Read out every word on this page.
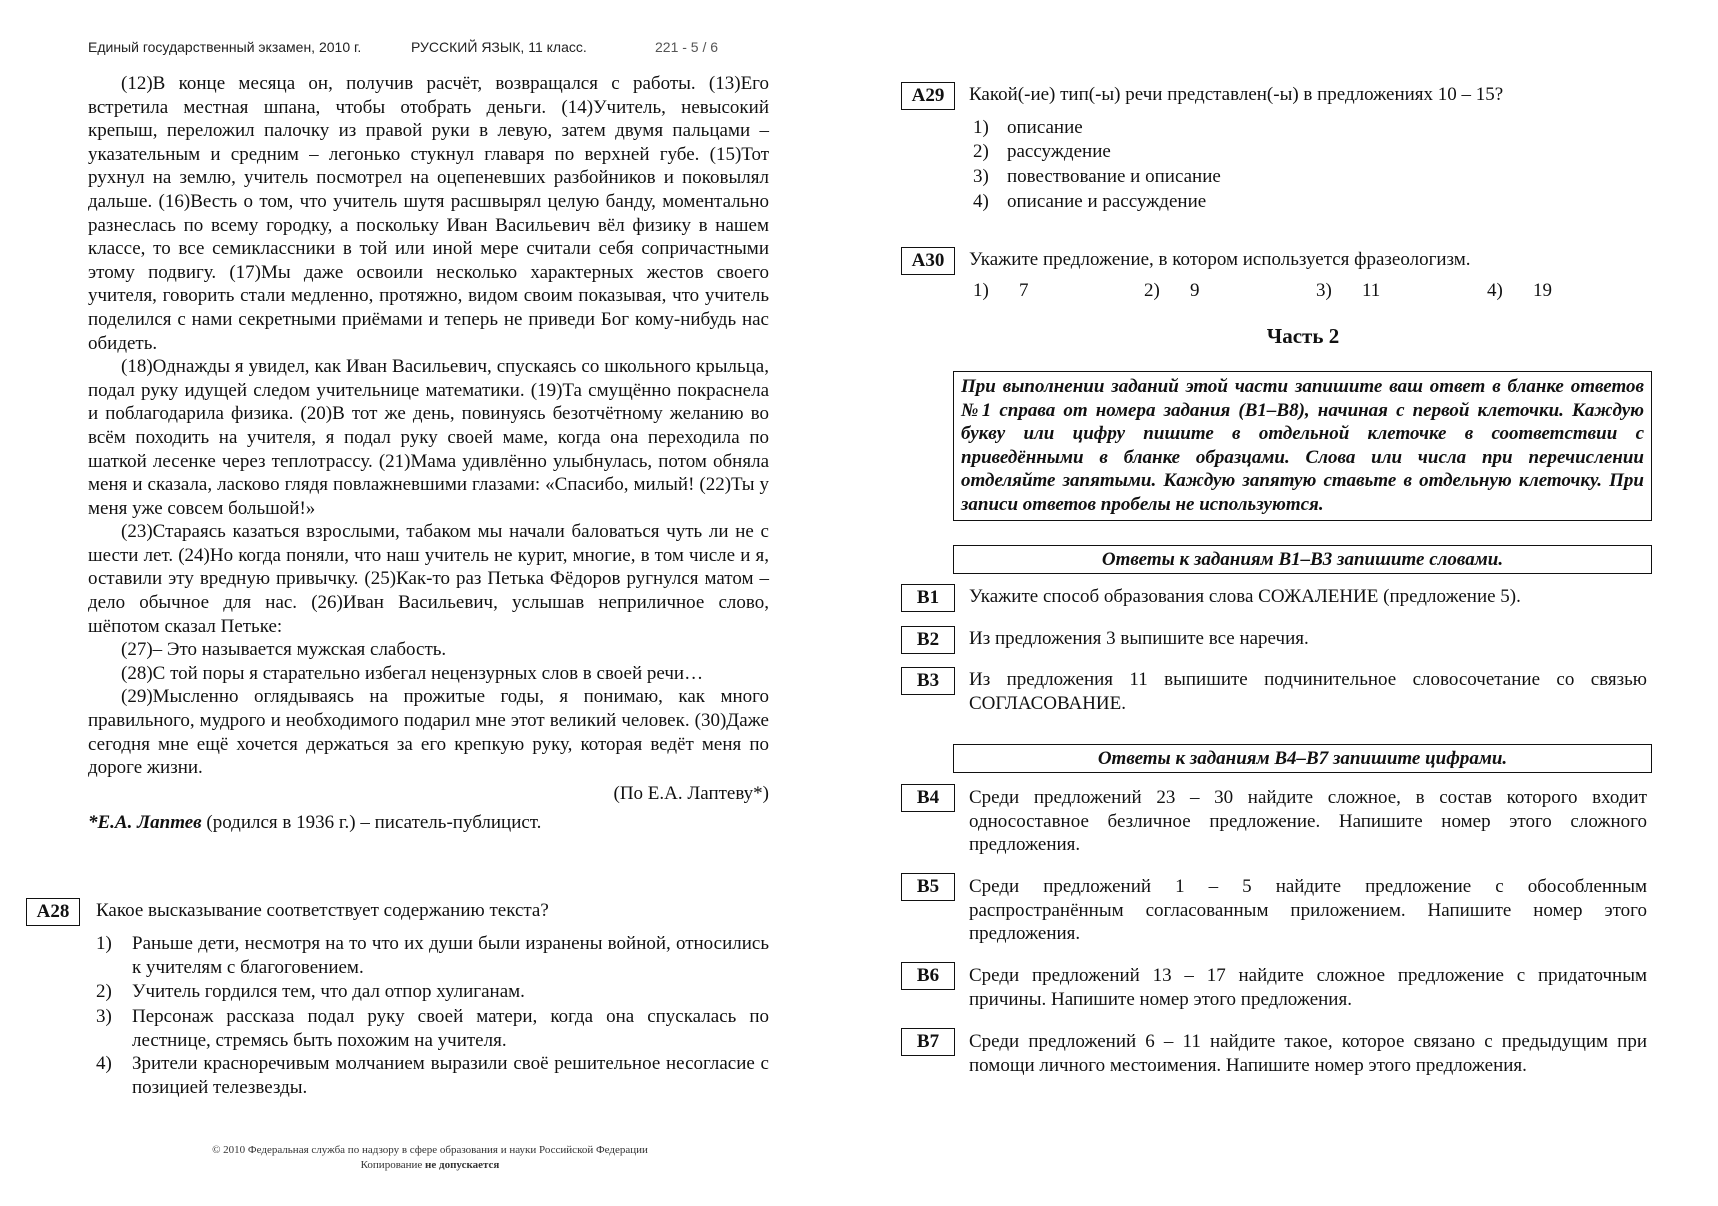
Единый государственный экзамен, 2010 г.	РУССКИЙ ЯЗЫК, 11 класс.	221 - 5 / 6

(12)В конце месяца он, получив расчёт, возвращался с работы. (13)Его встретила местная шпана, чтобы отобрать деньги. (14)Учитель, невысокий крепыш, переложил палочку из правой руки в левую, затем двумя пальцами – указательным и средним – легонько стукнул главаря по верхней губе. (15)Тот рухнул на землю, учитель посмотрел на оцепеневших разбойников и поковылял дальше. (16)Весть о том, что учитель шутя расшвырял целую банду, моментально разнеслась по всему городку, а поскольку Иван Васильевич вёл физику в нашем классе, то все семиклассники в той или иной мере считали себя сопричастными этому подвигу. (17)Мы даже освоили несколько характерных жестов своего учителя, говорить стали медленно, протяжно, видом своим показывая, что учитель поделился с нами секретными приёмами и теперь не приведи Бог кому-нибудь нас обидеть.

(18)Однажды я увидел, как Иван Васильевич, спускаясь со школьного крыльца, подал руку идущей следом учительнице математики. (19)Та смущённо покраснела и поблагодарила физика. (20)В тот же день, повинуясь безотчётному желанию во всём походить на учителя, я подал руку своей маме, когда она переходила по шаткой лесенке через теплотрассу. (21)Мама удивлённо улыбнулась, потом обняла меня и сказала, ласково глядя повлажневшими глазами: «Спасибо, милый! (22)Ты у меня уже совсем большой!»

(23)Стараясь казаться взрослыми, табаком мы начали баловаться чуть ли не с шести лет. (24)Но когда поняли, что наш учитель не курит, многие, в том числе и я, оставили эту вредную привычку. (25)Как-то раз Петька Фёдоров ругнулся матом – дело обычное для нас. (26)Иван Васильевич, услышав неприличное слово, шёпотом сказал Петьке:

(27)– Это называется мужская слабость.

(28)С той поры я старательно избегал нецензурных слов в своей речи…

(29)Мысленно оглядываясь на прожитые годы, я понимаю, как много правильного, мудрого и необходимого подарил мне этот великий человек. (30)Даже сегодня мне ещё хочется держаться за его крепкую руку, которая ведёт меня по дороге жизни.

(По Е.А. Лаптеву*)

*Е.А. Лаптев (родился в 1936 г.) – писатель-публицист.

А28	Какое высказывание соответствует содержанию текста?
1) Раньше дети, несмотря на то что их души были изранены войной, относились к учителям с благоговением.
2) Учитель гордился тем, что дал отпор хулиганам.
3) Персонаж рассказа подал руку своей матери, когда она спускалась по лестнице, стремясь быть похожим на учителя.
4) Зрители красноречивым молчанием выразили своё решительное несогласие с позицией телезвезды.
© 2010 Федеральная служба по надзору в сфере образования и науки Российской Федерации
Копирование не допускается
А29	Какой(-ие) тип(-ы) речи представлен(-ы) в предложениях 10 – 15?
1) описание
2) рассуждение
3) повествование и описание
4) описание и рассуждение
А30	Укажите предложение, в котором используется фразеологизм.
1) 7	2) 9	3) 11	4) 19
Часть 2
При выполнении заданий этой части запишите ваш ответ в бланке ответов №1 справа от номера задания (В1–В8), начиная с первой клеточки. Каждую букву или цифру пишите в отдельной клеточке в соответствии с приведёнными в бланке образцами. Слова или числа при перечислении отделяйте запятыми. Каждую запятую ставьте в отдельную клеточку. При записи ответов пробелы не используются.
Ответы к заданиям В1–В3 запишите словами.
В1	Укажите способ образования слова СОЖАЛЕНИЕ (предложение 5).
В2	Из предложения 3 выпишите все наречия.
В3	Из предложения 11 выпишите подчинительное словосочетание со связью СОГЛАСОВАНИЕ.
Ответы к заданиям В4–В7 запишите цифрами.
В4	Среди предложений 23 – 30 найдите сложное, в состав которого входит односоставное безличное предложение. Напишите номер этого сложного предложения.
В5	Среди предложений 1 – 5 найдите предложение с обособленным распространённым согласованным приложением. Напишите номер этого предложения.
В6	Среди предложений 13 – 17 найдите сложное предложение с придаточным причины. Напишите номер этого предложения.
В7	Среди предложений 6 – 11 найдите такое, которое связано с предыдущим при помощи личного местоимения. Напишите номер этого предложения.
